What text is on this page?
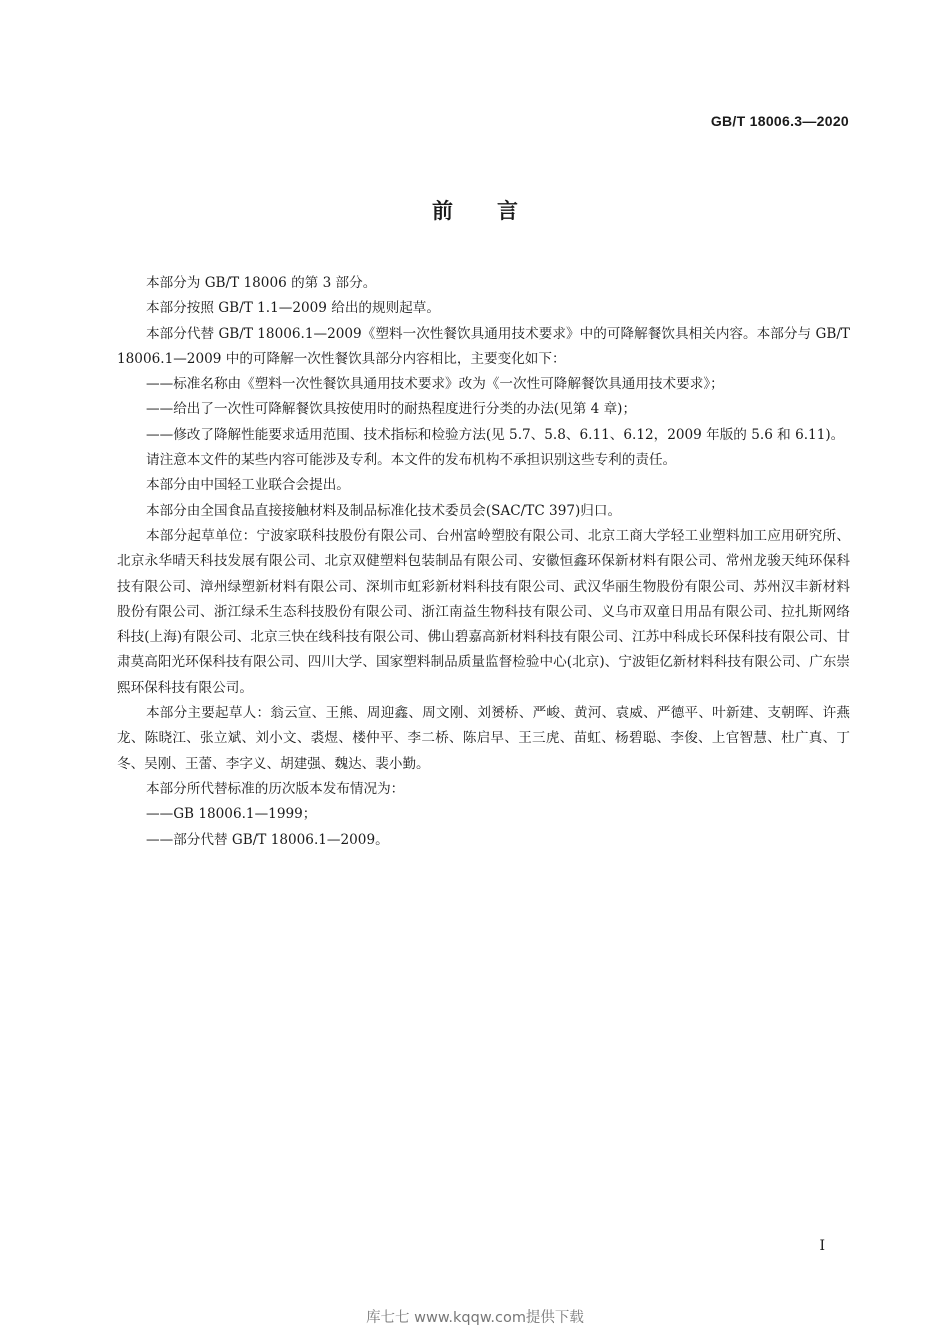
GB/T 18006.3—2020
前言

本部分为 GB/T 18006 的第 3 部分。

本部分按照 GB/T 1.1—2009 给出的规则起草。

本部分代替 GB/T 18006.1—2009《塑料一次性餐饮具通用技术要求》中的可降解餐饮具相关内容。本部分与 GB/T 18006.1—2009 中的可降解一次性餐饮具部分内容相比，主要变化如下：

——标准名称由《塑料一次性餐饮具通用技术要求》改为《一次性可降解餐饮具通用技术要求》；

——给出了一次性可降解餐饮具按使用时的耐热程度进行分类的办法(见第 4 章)；

——修改了降解性能要求适用范围、技术指标和检验方法(见 5.7、5.8、6.11、6.12，2009 年版的 5.6 和 6.11)。

请注意本文件的某些内容可能涉及专利。本文件的发布机构不承担识别这些专利的责任。

本部分由中国轻工业联合会提出。

本部分由全国食品直接接触材料及制品标准化技术委员会(SAC/TC 397)归口。

本部分起草单位：宁波家联科技股份有限公司、台州富岭塑胶有限公司、北京工商大学轻工业塑料加工应用研究所、北京永华晴天科技发展有限公司、北京双健塑料包装制品有限公司、安徽恒鑫环保新材料有限公司、常州龙骏天纯环保科技有限公司、漳州绿塑新材料有限公司、深圳市虹彩新材料科技有限公司、武汉华丽生物股份有限公司、苏州汉丰新材料股份有限公司、浙江绿禾生态科技股份有限公司、浙江南益生物科技有限公司、义乌市双童日用品有限公司、拉扎斯网络科技(上海)有限公司、北京三快在线科技有限公司、佛山碧嘉高新材料科技有限公司、江苏中科成长环保科技有限公司、甘肃莫高阳光环保科技有限公司、四川大学、国家塑料制品质量监督检验中心(北京)、宁波钜亿新材料科技有限公司、广东崇熙环保科技有限公司。

本部分主要起草人：翁云宣、王熊、周迎鑫、周文刚、刘赟桥、严峻、黄河、袁威、严德平、叶新建、支朝晖、许燕龙、陈晓江、张立斌、刘小文、裘煜、楼仲平、李二桥、陈启早、王三虎、苗虹、杨碧聪、李俊、上官智慧、杜广真、丁冬、吴刚、王蕾、李字义、胡建强、魏达、裴小勤。

本部分所代替标准的历次版本发布情况为：

——GB 18006.1—1999；

——部分代替 GB/T 18006.1—2009。

I
库七七 www.kqqw.com提供下载
